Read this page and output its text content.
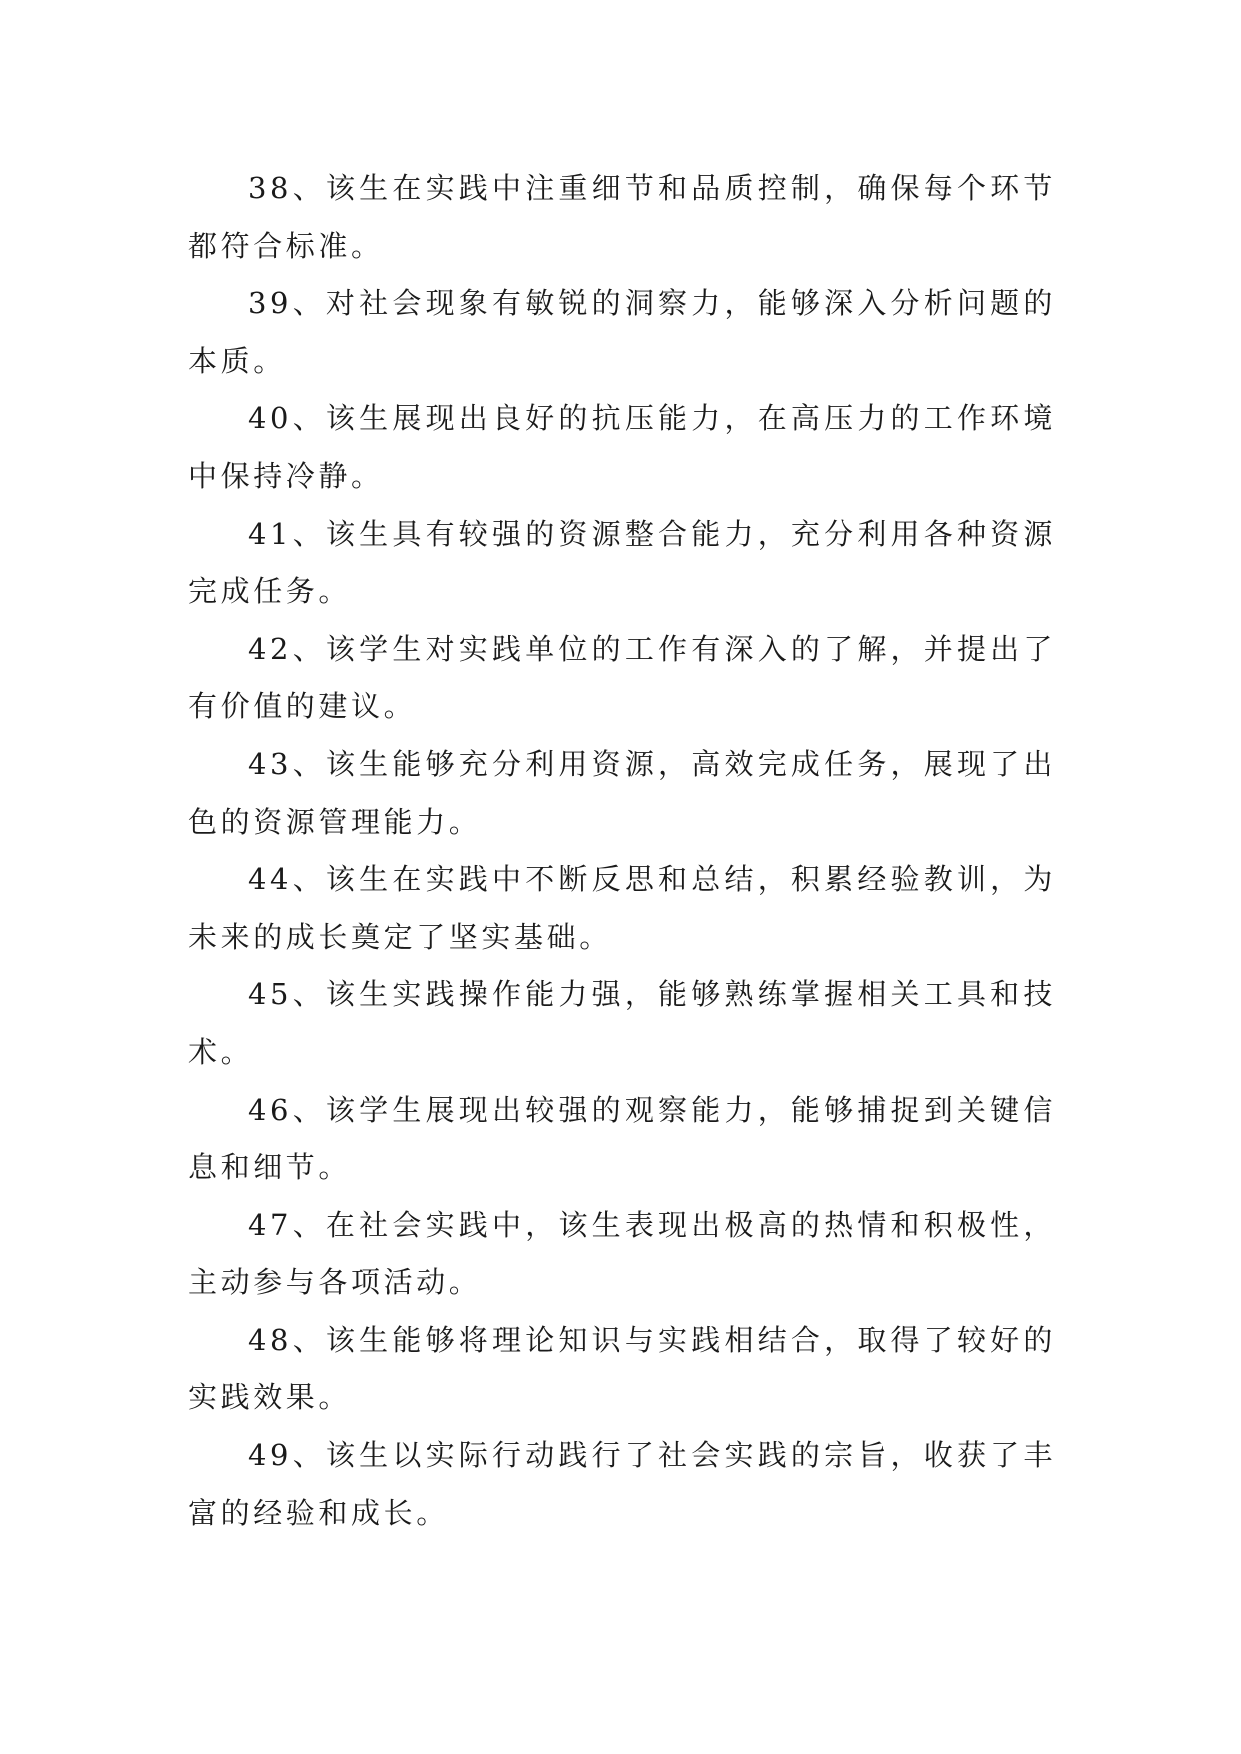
38、该生在实践中注重细节和品质控制，确保每个环节都符合标准。

39、对社会现象有敏锐的洞察力，能够深入分析问题的本质。

40、该生展现出良好的抗压能力，在高压力的工作环境中保持冷静。

41、该生具有较强的资源整合能力，充分利用各种资源完成任务。

42、该学生对实践单位的工作有深入的了解，并提出了有价值的建议。

43、该生能够充分利用资源，高效完成任务，展现了出色的资源管理能力。

44、该生在实践中不断反思和总结，积累经验教训，为未来的成长奠定了坚实基础。

45、该生实践操作能力强，能够熟练掌握相关工具和技术。

46、该学生展现出较强的观察能力，能够捕捉到关键信息和细节。

47、在社会实践中，该生表现出极高的热情和积极性，主动参与各项活动。

48、该生能够将理论知识与实践相结合，取得了较好的实践效果。

49、该生以实际行动践行了社会实践的宗旨，收获了丰富的经验和成长。
